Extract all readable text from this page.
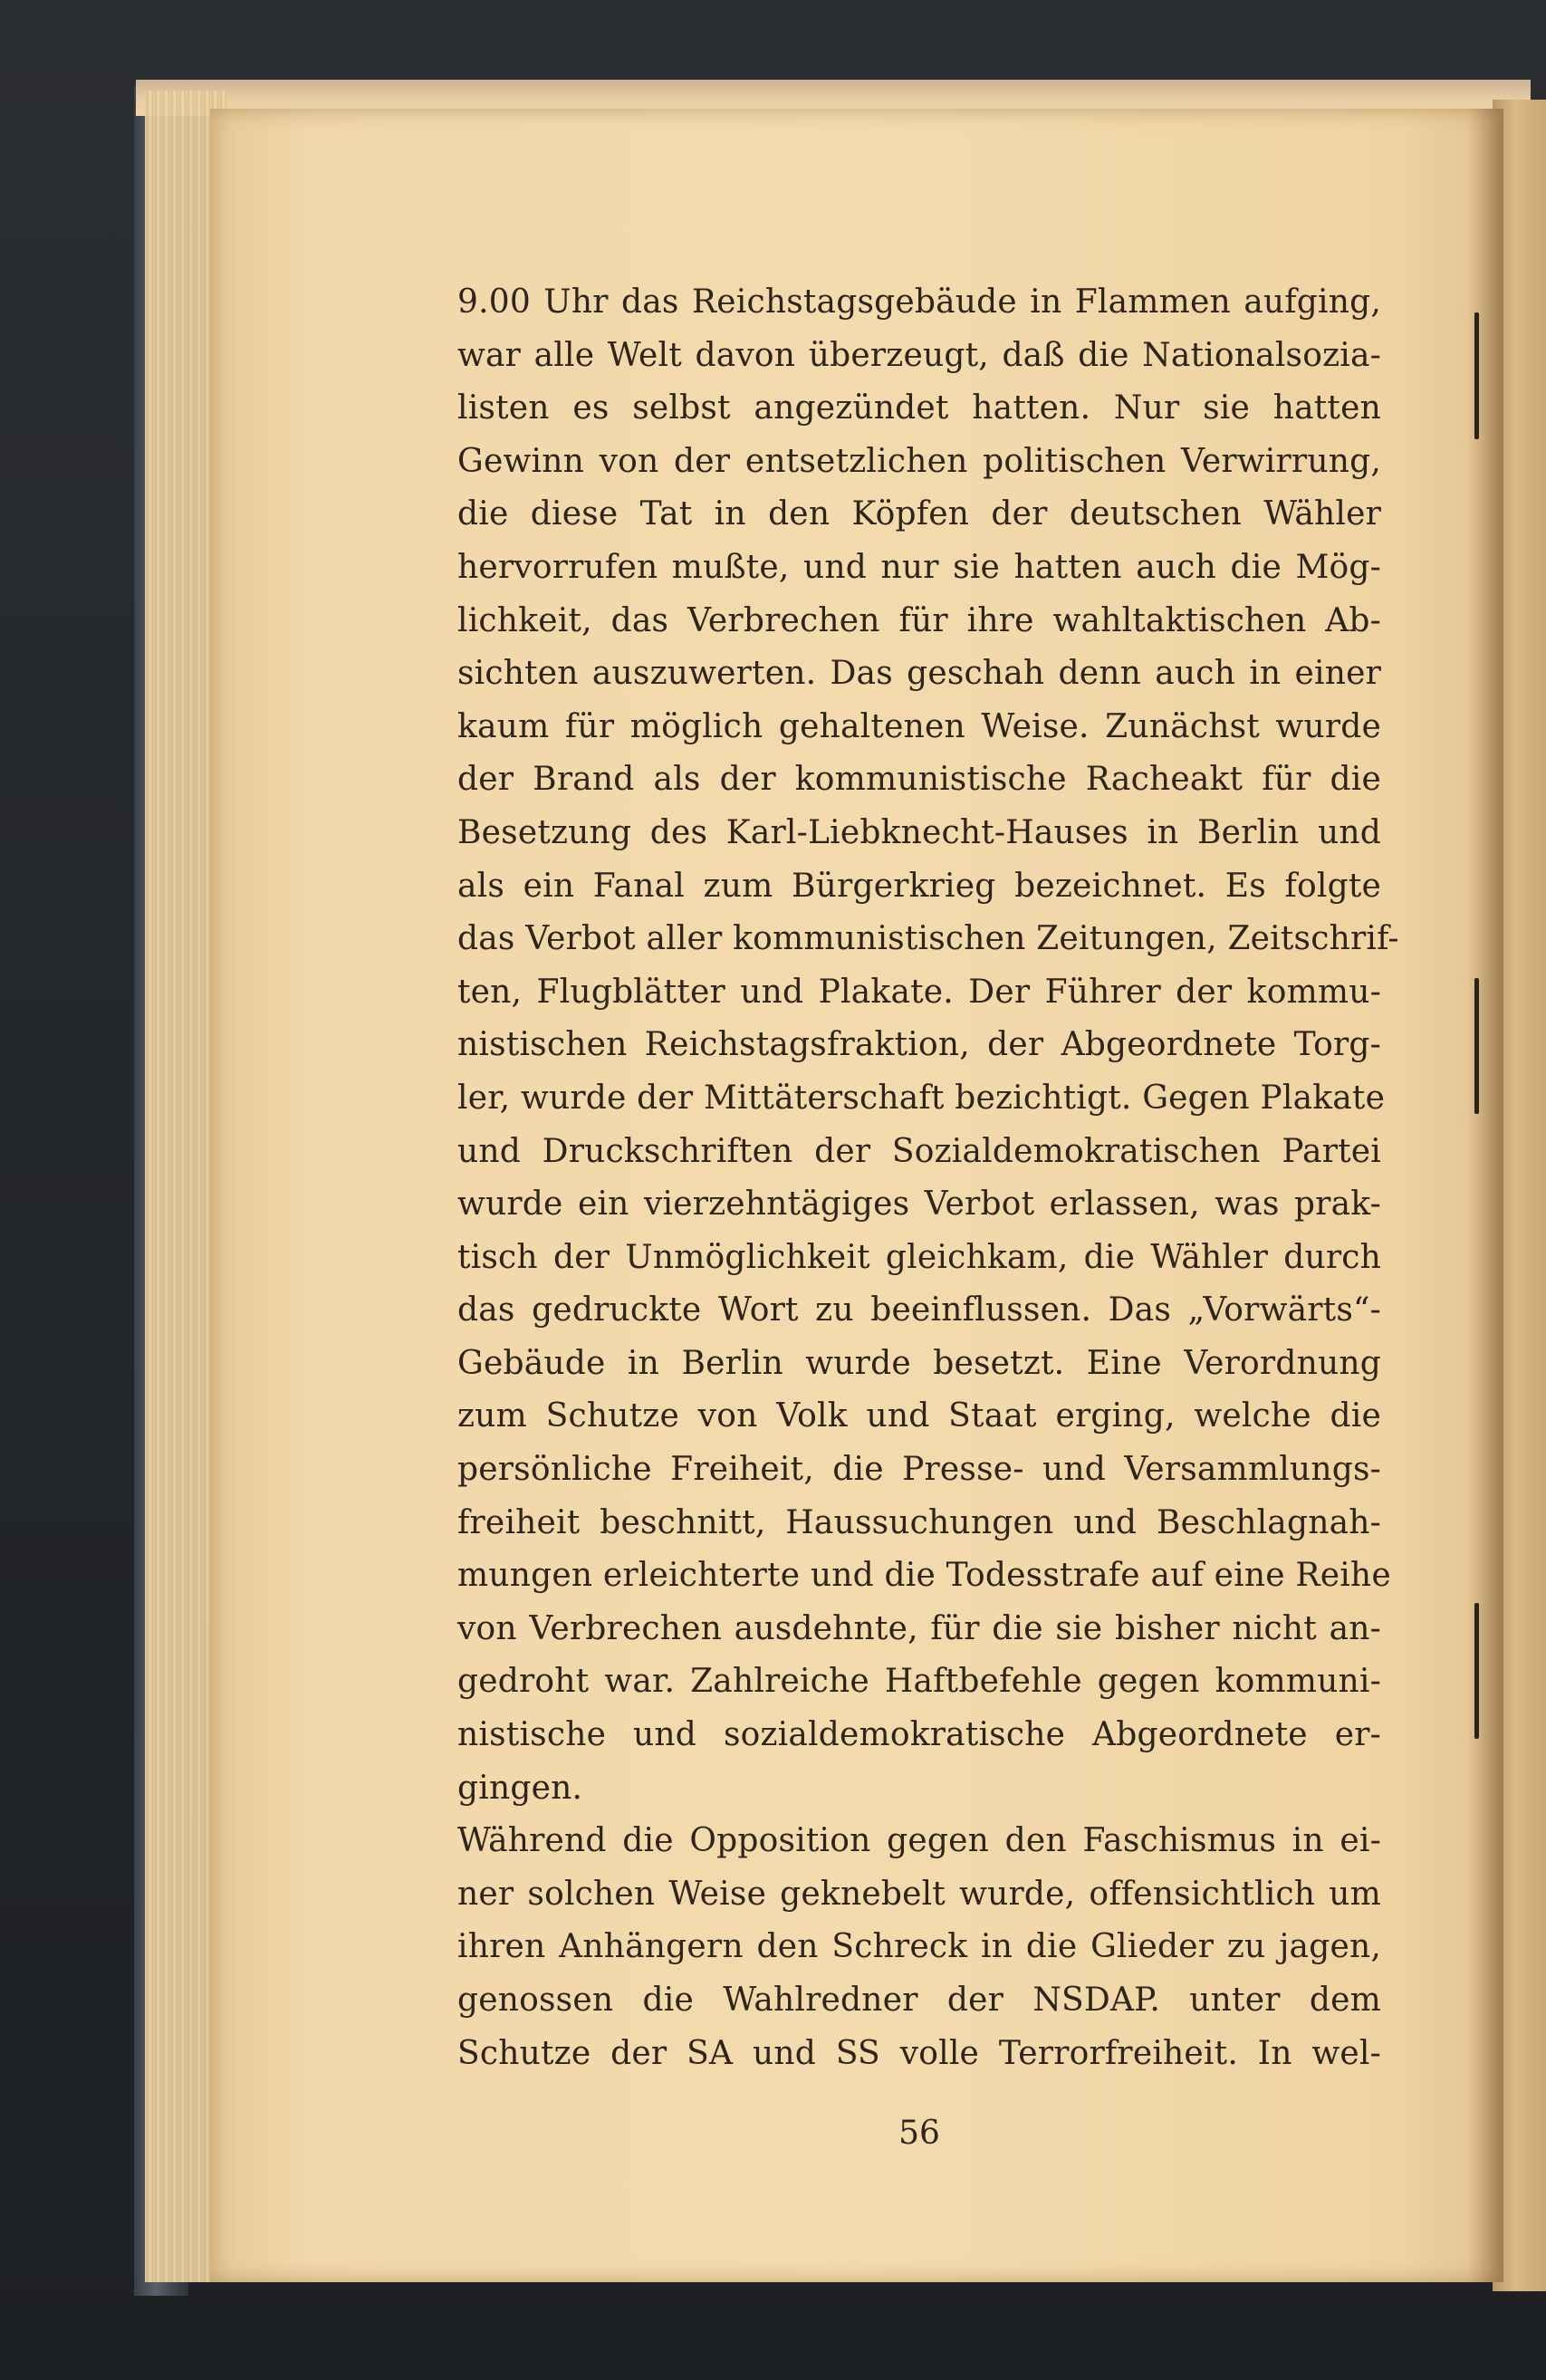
9.00 Uhr das Reichstagsgebäude in Flammen aufging,
war alle Welt davon überzeugt, daß die Nationalsozia-
listen es selbst angezündet hatten. Nur sie hatten
Gewinn von der entsetzlichen politischen Verwirrung,
die diese Tat in den Köpfen der deutschen Wähler
hervorrufen mußte, und nur sie hatten auch die Mög-
lichkeit, das Verbrechen für ihre wahltaktischen Ab-
sichten auszuwerten. Das geschah denn auch in einer
kaum für möglich gehaltenen Weise. Zunächst wurde
der Brand als der kommunistische Racheakt für die
Besetzung des Karl-Liebknecht-Hauses in Berlin und
als ein Fanal zum Bürgerkrieg bezeichnet. Es folgte
das Verbot aller kommunistischen Zeitungen, Zeitschrif-
ten, Flugblätter und Plakate. Der Führer der kommu-
nistischen Reichstagsfraktion, der Abgeordnete Torg-
ler, wurde der Mittäterschaft bezichtigt. Gegen Plakate
und Druckschriften der Sozialdemokratischen Partei
wurde ein vierzehntägiges Verbot erlassen, was prak-
tisch der Unmöglichkeit gleichkam, die Wähler durch
das gedruckte Wort zu beeinflussen. Das „Vorwärts“-
Gebäude in Berlin wurde besetzt. Eine Verordnung
zum Schutze von Volk und Staat erging, welche die
persönliche Freiheit, die Presse- und Versammlungs-
freiheit beschnitt, Haussuchungen und Beschlagnah-
mungen erleichterte und die Todesstrafe auf eine Reihe
von Verbrechen ausdehnte, für die sie bisher nicht an-
gedroht war. Zahlreiche Haftbefehle gegen kommuni-
nistische und sozialdemokratische Abgeordnete er-
gingen.
Während die Opposition gegen den Faschismus in ei-
ner solchen Weise geknebelt wurde, offensichtlich um
ihren Anhängern den Schreck in die Glieder zu jagen,
genossen die Wahlredner der NSDAP. unter dem
Schutze der SA und SS volle Terrorfreiheit. In wel-
56
